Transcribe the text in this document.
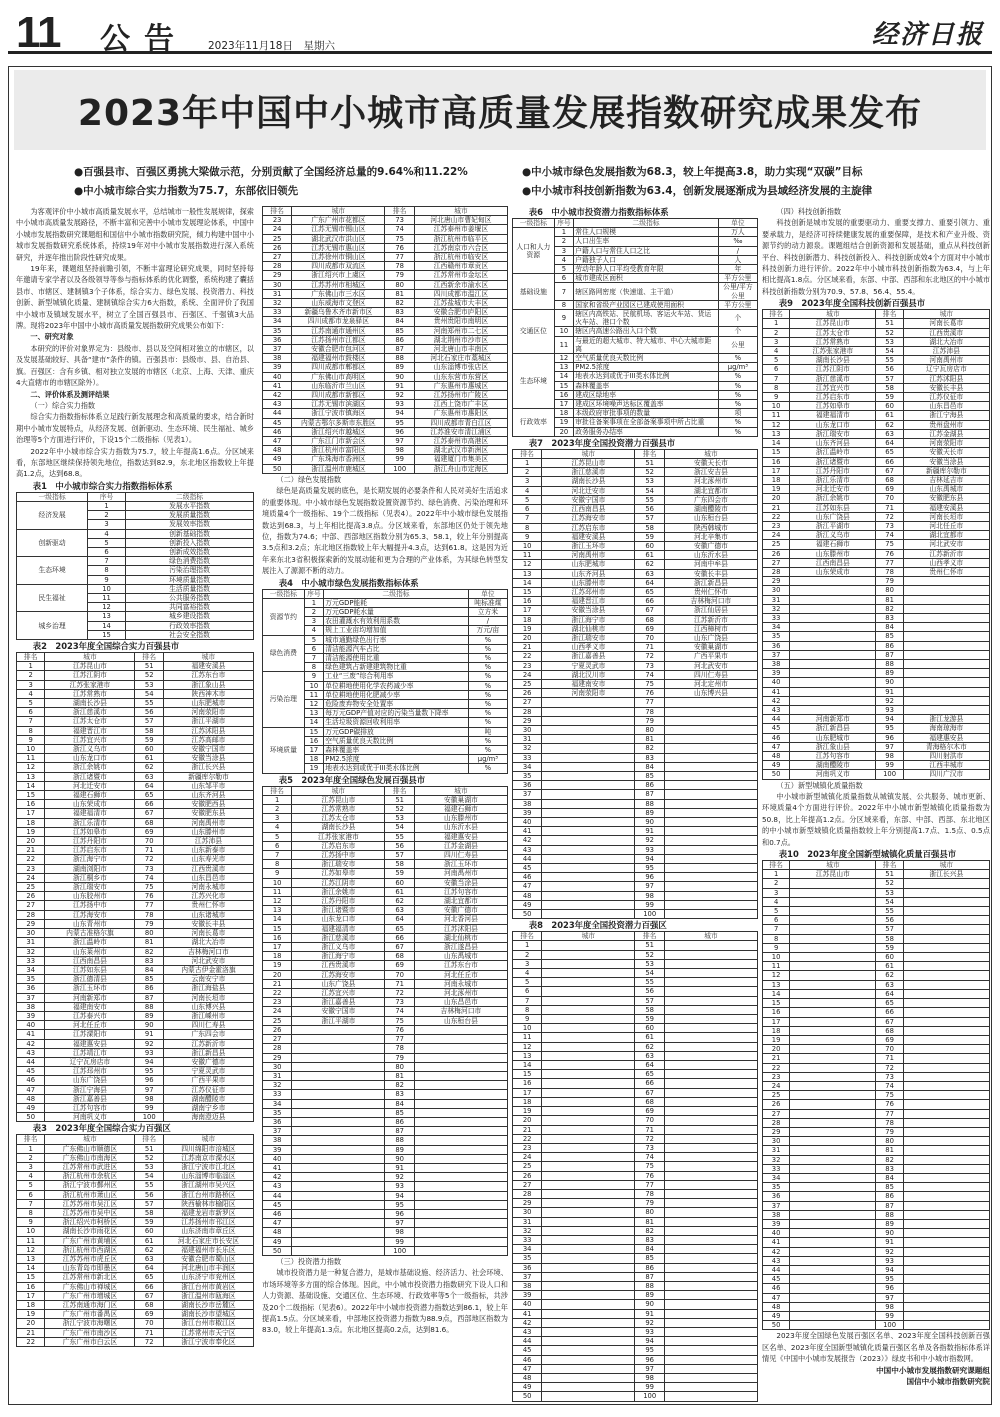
11 公告 2023年11月18日　星期六	经济日报
2023年中国中小城市高质量发展指数研究成果发布
●百强县市、百强区勇挑大梁做示范，分别贡献了全国经济总量的9.64%和11.22%
●中小城市综合实力指数为75.7，东部依旧领先
●中小城市绿色发展指数为68.3，较上年提高3.8，助力实现“双碳”目标
●中小城市科技创新指数为63.4，创新发展逐渐成为县域经济发展的主旋律

为客观评价中小城市高质量发展水平，总结城市一般性发展规律，探索中小城市高质量发展路径，不断丰富和完善中小城市发展理论体系，中国中小城市发展指数研究课题组和国信中小城市指数研究院，倾力构建中国中小城市发展指数研究系统体系，持续19年对中小城市发展指数进行深入系统研究，并逐年推出阶段性研究成果。

19年来，课题组坚持前瞻引领，不断丰富理论研究成果，同时坚持每年邀请专家学者以及各级领导等参与指标体系的优化调整，系统构建了囊括县市、市辖区、建制镇3个子体系，综合实力、绿色发展、投资潜力、科技创新、新型城镇化质量、建制镇综合实力6大指数，系统、全面评价了我国中小城市及镇域发展水平，树立了全国百强县市、百强区、千强镇3大品牌。现将2023年中国中小城市高质量发展指数研究成果公布如下：

一、研究对象

本研究的评价对象界定为：县级市、县以及空间相对独立的市辖区，以及发展基础较好、具备“建市”条件的镇。百强县市：县级市、县、自治县、旗。百强区：含有乡镇、相对独立发展的市辖区（北京、上海、天津、重庆4大直辖市的市辖区除外）。

二、评价体系及测评结果

（一）综合实力指数

综合实力指数指标体系立足践行新发展理念和高质量的要求，结合新时期中小城市发展特点，从经济发展、创新驱动、生态环境、民生福祉、城乡治理等5个方面进行评价，下设15个二级指标（见表1）。

2022年中小城市综合实力指数为75.7，较上年提高1.6点。分区域来看，东部地区继续保持领先地位，指数达到82.9，东北地区指数较上年提高1.2点，达到68.8。

表1　中小城市综合实力指数指标体系
一级指标	序号	二级指标
经济发展	1	发展水平指数
	2	发展质量指数
	3	发展效率指数
创新驱动	4	创新基础指数
	5	创新投入指数
	6	创新成效指数
生态环境	7	绿色消费指数
	8	污染治理指数
	9	环境质量指数
民生福祉	10	生活质量指数
	11	公共服务指数
	12	共同富裕指数
城乡治理	13	城乡建设指数
	14	行政效率指数
	15	社会安全指数
表2　2023年度全国综合实力百强县市
排名	城市	排名	城市
1	江苏昆山市	51	福建安溪县
2	江苏江阴市	52	江苏东台市
3	江苏张家港市	53	浙江象山县
4	江苏常熟市	54	陕西神木市
5	湖南长沙县	55	山东肥城市
6	浙江慈溪市	56	河南荥阳市
7	江苏太仓市	57	浙江平湖市
8	福建晋江市	58	江苏沭阳县
9	江苏宜兴市	59	江苏高邮市
10	浙江义乌市	60	安徽宁国市
11	山东龙口市	61	安徽当涂县
12	浙江余姚市	62	浙江长兴县
13	浙江诸暨市	63	新疆库尔勒市
14	河北迁安市	64	山东邹平市
15	福建石狮市	65	山东齐河县
16	山东荣成市	66	安徽肥西县
17	福建福清市	67	安徽肥东县
18	浙江乐清市	68	河南禹州市
19	江苏如皋市	69	山东滕州市
20	江苏丹阳市	70	江苏沛县
21	江苏启东市	71	山东新泰市
22	浙江海宁市	72	山东寿光市
23	湖南浏阳市	73	江西贵溪市
24	浙江桐乡市	74	山东昌邑市
25	浙江瑞安市	75	河南永城市
26	山东胶州市	76	江苏兴化市
27	江苏扬中市	77	贵州仁怀市
28	江苏海安市	78	山东诸城市
29	山东青州市	79	安徽长丰县
30	内蒙古准格尔旗	80	河南长葛市
31	浙江温岭市	81	湖北大冶市
32	山东莱州市	82	吉林梅河口市
33	江西南昌县	83	河北武安市
34	江苏如东县	84	内蒙古伊金霍洛旗
35	浙江德清县	85	云南安宁市
36	浙江玉环市	86	浙江海盐县
37	河南新郑市	87	河南长垣市
38	福建南安市	88	山东博兴县
39	江苏泰兴市	89	浙江嵊州市
40	河北任丘市	90	四川仁寿县
41	江苏溧阳市	91	广东四会市
42	福建惠安县	92	江苏新沂市
43	江苏靖江市	93	浙江新昌县
44	辽宁瓦房店市	94	安徽广德市
45	江苏邳州市	95	宁夏灵武市
46	山东广饶县	96	广西平果市
47	浙江宁海县	97	江苏仪征市
48	浙江嘉善县	98	湖南醴陵市
49	江苏句容市	99	湖南宁乡市
50	河南巩义市	100	海南澄迈县
表3　2023年度全国综合实力百强区
排名	城市	排名	城市
1	广东佛山市顺德区	51	四川绵阳市涪城区
2	广东佛山市南海区	52	江苏南京市溧水区
3	江苏常州市武进区	53	浙江宁波市江北区
4	浙江杭州市余杭区	54	山东淄博市临淄区
5	浙江宁波市鄞州区	55	浙江湖州市吴兴区
6	浙江杭州市萧山区	56	浙江台州市路桥区
7	江苏苏州市吴江区	57	陕西榆林市榆阳区
8	江苏苏州市吴中区	58	福建龙岩市新罗区
9	浙江绍兴市柯桥区	59	江苏扬州市邗江区
10	湖南长沙市雨花区	60	山东济南市章丘区
11	广东广州市黄埔区	61	河北石家庄市长安区
12	浙江杭州市西湖区	62	福建福州市长乐区
13	江苏苏州市虎丘区	63	安徽合肥市蜀山区
14	山东青岛市即墨区	64	河北唐山市丰润区
15	江苏常州市新北区	65	山东济宁市兖州区
16	广东佛山市禅城区	66	浙江台州市黄岩区
17	广东广州市增城区	67	浙江温州市瓯海区
18	江苏南通市海门区	68	湖南长沙市岳麓区
19	广东广州市番禺区	69	湖南长沙市望城区
20	浙江宁波市海曙区	70	浙江台州市椒江区
21	广东广州市南沙区	71	江苏常州市天宁区
22	广东广州市白云区	72	浙江宁波市奉化区
排名	城市	排名	城市
23	广东广州市花都区	73	河北唐山市曹妃甸区
24	江苏无锡市锡山区	74	江苏泰州市姜堰区
25	湖北武汉市洪山区	75	浙江杭州市临平区
26	江苏无锡市惠山区	76	江苏南京市六合区
27	江苏徐州市铜山区	77	浙江杭州市临安区
28	四川成都市双流区	78	江西赣州市章贡区
29	浙江绍兴市上虞区	79	江苏常州市金坛区
30	江苏苏州市相城区	80	江西新余市渝水区
31	广东佛山市三水区	81	四川成都市温江区
32	山东威海市文登区	82	江苏盐城市大丰区
33	新疆乌鲁木齐市新市区	83	安徽合肥市庐阳区
34	四川成都市龙泉驿区	84	贵州贵阳市南明区
35	江苏南通市通州区	85	河南郑州市二七区
36	江苏扬州市江都区	86	湖北荆州市沙市区
37	安徽合肥市包河区	87	河北唐山市丰南区
38	福建福州市鼓楼区	88	河北石家庄市藁城区
39	四川成都市郫都区	89	山东淄博市张店区
40	广东佛山市高明区	90	山东东营市东营区
41	山东临沂市兰山区	91	广东惠州市惠城区
42	四川成都市新都区	92	江苏扬州市广陵区
43	江苏无锡市滨湖区	93	江西上饶市广丰区
44	浙江宁波市镇海区	94	广东惠州市惠阳区
45	内蒙古鄂尔多斯市东胜区	95	四川成都市青白江区
46	浙江绍兴市越城区	96	江苏淮安市清江浦区
47	广东江门市新会区	97	江苏泰州市高港区
48	浙江杭州市富阳区	98	湖北武汉市新洲区
49	广东珠海市香洲区	99	福建厦门市集美区
50	浙江温州市鹿城区	100	浙江舟山市定海区

（二）绿色发展指数

绿色是高质量发展的底色，是长期发展的必要条件和人民对美好生活追求的重要体现。中小城市绿色发展指数设置资源节约、绿色消费、污染治理和环境质量4个一级指标、19个二级指标（见表4）。2022年中小城市绿色发展指数达到68.3，与上年相比提高3.8点。分区域来看，东部地区仍处于领先地位，指数为74.6；中部、西部地区指数分别为65.3、58.1，较上年分别提高3.5点和3.2点；东北地区指数较上年大幅提升4.3点，达到61.8。这是因为近年来东北3省积极探索新的发展动能和更为合理的产业体系，为其绿色转型发展注入了源源不断的动力。

表4　中小城市绿色发展指数指标体系
一级指标	序号	二级指标	单位
资源节约	1	万元GDP能耗	吨标准煤
	2	万元GDP耗水量	立方米
	3	农田灌溉水有效利用系数	/
	4	规上工业亩均增加值	万元/亩
绿色消费	5	城市通勤绿色出行率	%
	6	清洁能源汽车占比	%
	7	清洁能源使用比重	%
	8	绿色建筑占新建建筑物比重	%
污染治理	9	工业“三废”综合利用率	%
	10	单位耕地使用化学农药减少率	%
	11	单位耕地使用化肥减少率	%
	12	危险废弃物安全处置率	%
	13	每万元GDP产值对应的污染当量数下降率	%
	14	生活垃圾资源回收利用率	%
环境质量	15	万元GDP碳排放	吨
	16	空气质量优良天数比例	%
	17	森林覆盖率	%
	18	PM2.5浓度	μg/m³
	19	地表水达到或优于III类水体比例	%
表5　2023年度全国绿色发展百强县市
排名	城市	排名	城市
1	江苏昆山市	51	安徽巢湖市
2	江苏常熟市	52	福建石狮市
3	江苏太仓市	53	山东滕州市
4	湖南长沙县	54	山东沂水县
5	江苏张家港市	55	福建惠安县
6	江苏启东市	56	江苏金湖县
7	江苏扬中市	57	四川仁寿县
8	浙江瑞安市	58	浙江玉环市
9	江苏如皋市	59	河南禹州市
10	江苏江阴市	60	安徽当涂县
11	浙江余姚市	61	江苏句容市
12	江苏丹阳市	62	湖北宜都市
13	浙江诸暨市	63	安徽广德市
14	山东龙口市	64	河北香河县
15	福建福清市	65	江苏沭阳县
16	浙江慈溪市	66	湖北仙桃市
17	浙江义乌市	67	浙江遂昌县
18	浙江海宁市	68	山东禹城市
19	江西贵溪市	69	江苏东台市
20	江苏海安市	70	河北任丘市
21	山东广饶县	71	河南永城市
22	江苏宜兴市	72	河北涿州市
23	浙江嘉善县	73	山东昌邑市
24	安徽宁国市	74	吉林梅河口市
25	浙江平湖市	75	山东桓台县
26		76	
27		77	
28		78	
29		79	
30		80	
31		81	
32		82	
33		83	
34		84	
35		85	
36		86	
37		87	
38		88	
39		89	
40		90	
41		91	
42		92	
43		93	
44		94	
45		95	
46		96	
47		97	
48		98	
49		99	
50		100	

（三）投资潜力指数

城市投资潜力是一种复合潜力，是城市基础设施、经济活力、社会环境、市场环境等多方面的综合体现。因此，中小城市投资潜力指数研究下设人口和人力资源、基础设施、交通区位、生态环境、行政效率等5个一级指标，共涉及20个二级指标（见表6）。2022年中小城市投资潜力指数达到86.1，较上年提高1.5点。分区域来看，中部地区投资潜力指数为88.9点，西部地区指数为83.0，较上年提高1.3点。东北地区提高0.2点，达到81.6。

表6　中小城市投资潜力指数指标体系
一级指标	序号	二级指标	单位
人口和人力资源	1	常住人口规模	万人
	2	人口出生率	‰
	3	户籍人口与常住人口之比	/
	4	户籍独子人口	人
	5	劳动年龄人口平均受教育年限	年
基础设施	6	城市建成区面积	平方公里
	7	辖区路网密度（快速道、主干道）	公里/平方公里
	8	国家和省级产业园区已建成使用面积	平方公里
交通区位	9	辖区内高铁站、民航机场、客运火车站、货运火车站、港口个数	个
	10	辖区内高速公路出入口个数	个
	11	与最近的超大城市、特大城市、中心大城市距离	公里
生态环境	12	空气质量优良天数比例	%
	13	PM2.5浓度	μg/m³
	14	地表水达到或优于III类水体比例	%
	15	森林覆盖率	%
	16	建成区绿地率	%
	17	建成区环境噪声达标区覆盖率	%
行政效率	18	本级政府审批事项的数量	项
	19	审批往备案事项在全部备案事项中所占比重	%
	20	政务服务办结率	%
表7　2023年度全国投资潜力百强县市
排名	城市	排名	城市
1	江苏昆山市	51	安徽天长市
2	浙江慈溪市	52	浙江安吉县
3	湖南长沙县	53	河北涿州市
4	河北迁安市	54	湖北宜都市
5	安徽宁国市	55	广东四会市
6	江西南昌县	56	湖南醴陵市
7	江苏海安市	57	山东桓台县
8	江苏启东市	58	陕西韩城市
9	福建安溪县	59	河北辛集市
10	浙江玉环市	60	安徽广德市
11	河南禹州市	61	山东沂水县
12	山东肥城市	62	河南中牟县
13	山东齐河县	63	安徽长丰县
14	山东滕州市	64	浙江新昌县
15	江苏邳州市	65	贵州仁怀市
16	福建晋江市	66	吉林梅河口市
17	安徽当涂县	67	浙江仙居县
18	浙江海宁市	68	江苏新沂市
19	湖北仙桃市	69	江西樟树市
20	浙江瑞安市	70	山东广饶县
21	山西孝义市	71	安徽巢湖市
22	浙江嘉善县	72	广西平果市
23	宁夏灵武市	73	河北武安市
24	湖北汉川市	74	四川仁寿县
25	福建南安市	75	河北定州市
26	河南荥阳市	76	山东博兴县
27		77	
28		78	
29		79	
30		80	
31		81	
32		82	
33		83	
34		84	
35		85	
36		86	
37		87	
38		88	
39		89	
40		90	
41		91	
42		92	
43		93	
44		94	
45		95	
46		96	
47		97	
48		98	
49		99	
50		100	
表8　2023年度全国投资潜力百强区
排名	城市	排名	城市
1		51	
2		52	
3		53	
4		54	
5		55	
6		56	
7		57	
8		58	
9		59	
10		60	
11		61	
12		62	
13		63	
14		64	
15		65	
16		66	
17		67	
18		68	
19		69	
20		70	
21		71	
22		72	
23		73	
24		74	
25		75	
26		76	
27		77	
28		78	
29		79	
30		80	
31		81	
32		82	
33		83	
34		84	
35		85	
36		86	
37		87	
38		88	
39		89	
40		90	
41		91	
42		92	
43		93	
44		94	
45		95	
46		96	
47		97	
48		98	
49		99	
50		100	

（四）科技创新指数

科技创新是城市发展的重要驱动力、重要支撑力、重要引领力、重要承载力，是经济可持续健康发展的重要保障，是技术和产业升级、资源节约的动力源泉。课题组结合创新资源和发展基础，重点从科技创新平台、科技创新潜力、科技创新投入、科技创新成效4个方面对中小城市科技创新力进行评价。2022年中小城市科技创新指数为63.4，与上年相比提高1.8点。分区域来看，东部、中部、西部和东北地区的中小城市科技创新指数分别为70.9、57.8、56.4、55.4。

表9　2023年度全国科技创新百强县市
排名	城市	排名	城市
1	江苏昆山市	51	河南长葛市
2	江苏太仓市	52	江西贵溪市
3	江苏常熟市	53	湖北大冶市
4	江苏张家港市	54	江苏沛县
5	湖南长沙县	55	河南禹州市
6	江苏江阴市	56	辽宁瓦房店市
7	浙江慈溪市	57	江苏沭阳县
8	江苏宜兴市	58	安徽长丰县
9	江苏启东市	59	江苏仪征市
10	江苏如皋市	60	山东昌邑市
11	福建福清市	61	浙江宁海县
12	山东龙口市	62	贵州盘州市
13	浙江瑞安市	63	江苏金湖县
14	山东齐河县	64	河南荥阳市
15	浙江温岭市	65	安徽天长市
16	浙江诸暨市	66	安徽当涂县
17	江苏丹阳市	67	新疆库尔勒市
18	浙江乐清市	68	吉林延吉市
19	河北迁安市	69	山东禹城市
20	浙江余姚市	70	安徽肥东县
21	江苏如东县	71	福建安溪县
22	山东广饶县	72	河南长垣市
23	浙江平湖市	73	河北任丘市
24	浙江义乌市	74	湖北宜都市
25	福建石狮市	75	河北武安市
26	山东滕州市	76	江苏新沂市
27	江西南昌县	77	山西孝义市
28	山东荣成市	78	贵州仁怀市
29		79	
30		80	
31		81	
32		82	
33		83	
34		84	
35		85	
36		86	
37		87	
38		88	
39		89	
40		90	
41		91	
42		92	
43		93	
44	河南新郑市	94	浙江龙游县
45	浙江新昌县	95	海南琼海市
46	山东肥城市	96	福建惠安县
47	浙江象山县	97	青海格尔木市
48	江苏句容市	98	四川射洪市
49	湖南醴陵市	99	江西丰城市
50	河南巩义市	100	四川广汉市

（五）新型城镇化质量指数

中小城市新型城镇化质量指数从城镇发展、公共服务、城市更新、环境质量4个方面进行评价。2022年中小城市新型城镇化质量指数为50.8，比上年提高1.2点。分区域来看，东部、中部、西部、东北地区的中小城市新型城镇化质量指数较上年分别提高1.7点、1.5点、0.5点和0.7点。

表10　2023年度全国新型城镇化质量百强县市
排名	城市	排名	城市
1	江苏昆山市	51	浙江长兴县
2		52	
3		53	
4		54	
5		55	
6		56	
7		57	
8		58	
9		59	
10		60	
11		61	
12		62	
13		63	
14		64	
15		65	
16		66	
17		67	
18		68	
19		69	
20		70	
21		71	
22		72	
23		73	
24		74	
25		75	
26		76	
27		77	
28		78	
29		79	
30		80	
31		81	
32		82	
33		83	
34		84	
35		85	
36		86	
37		87	
38		88	
39		89	
40		90	
41		91	
42		92	
43		93	
44		94	
45		95	
46		96	
47		97	
48		98	
49		99	
50		100	

2023年度全国绿色发展百强区名单、2023年度全国科技创新百强区名单、2023年度全国新型城镇化质量百强区名单及各指数指标体系详情见《中国中小城市发展报告（2023）》绿皮书和中小城市指数网。

中国中小城市发展指数研究课题组

国信中小城市指数研究院
